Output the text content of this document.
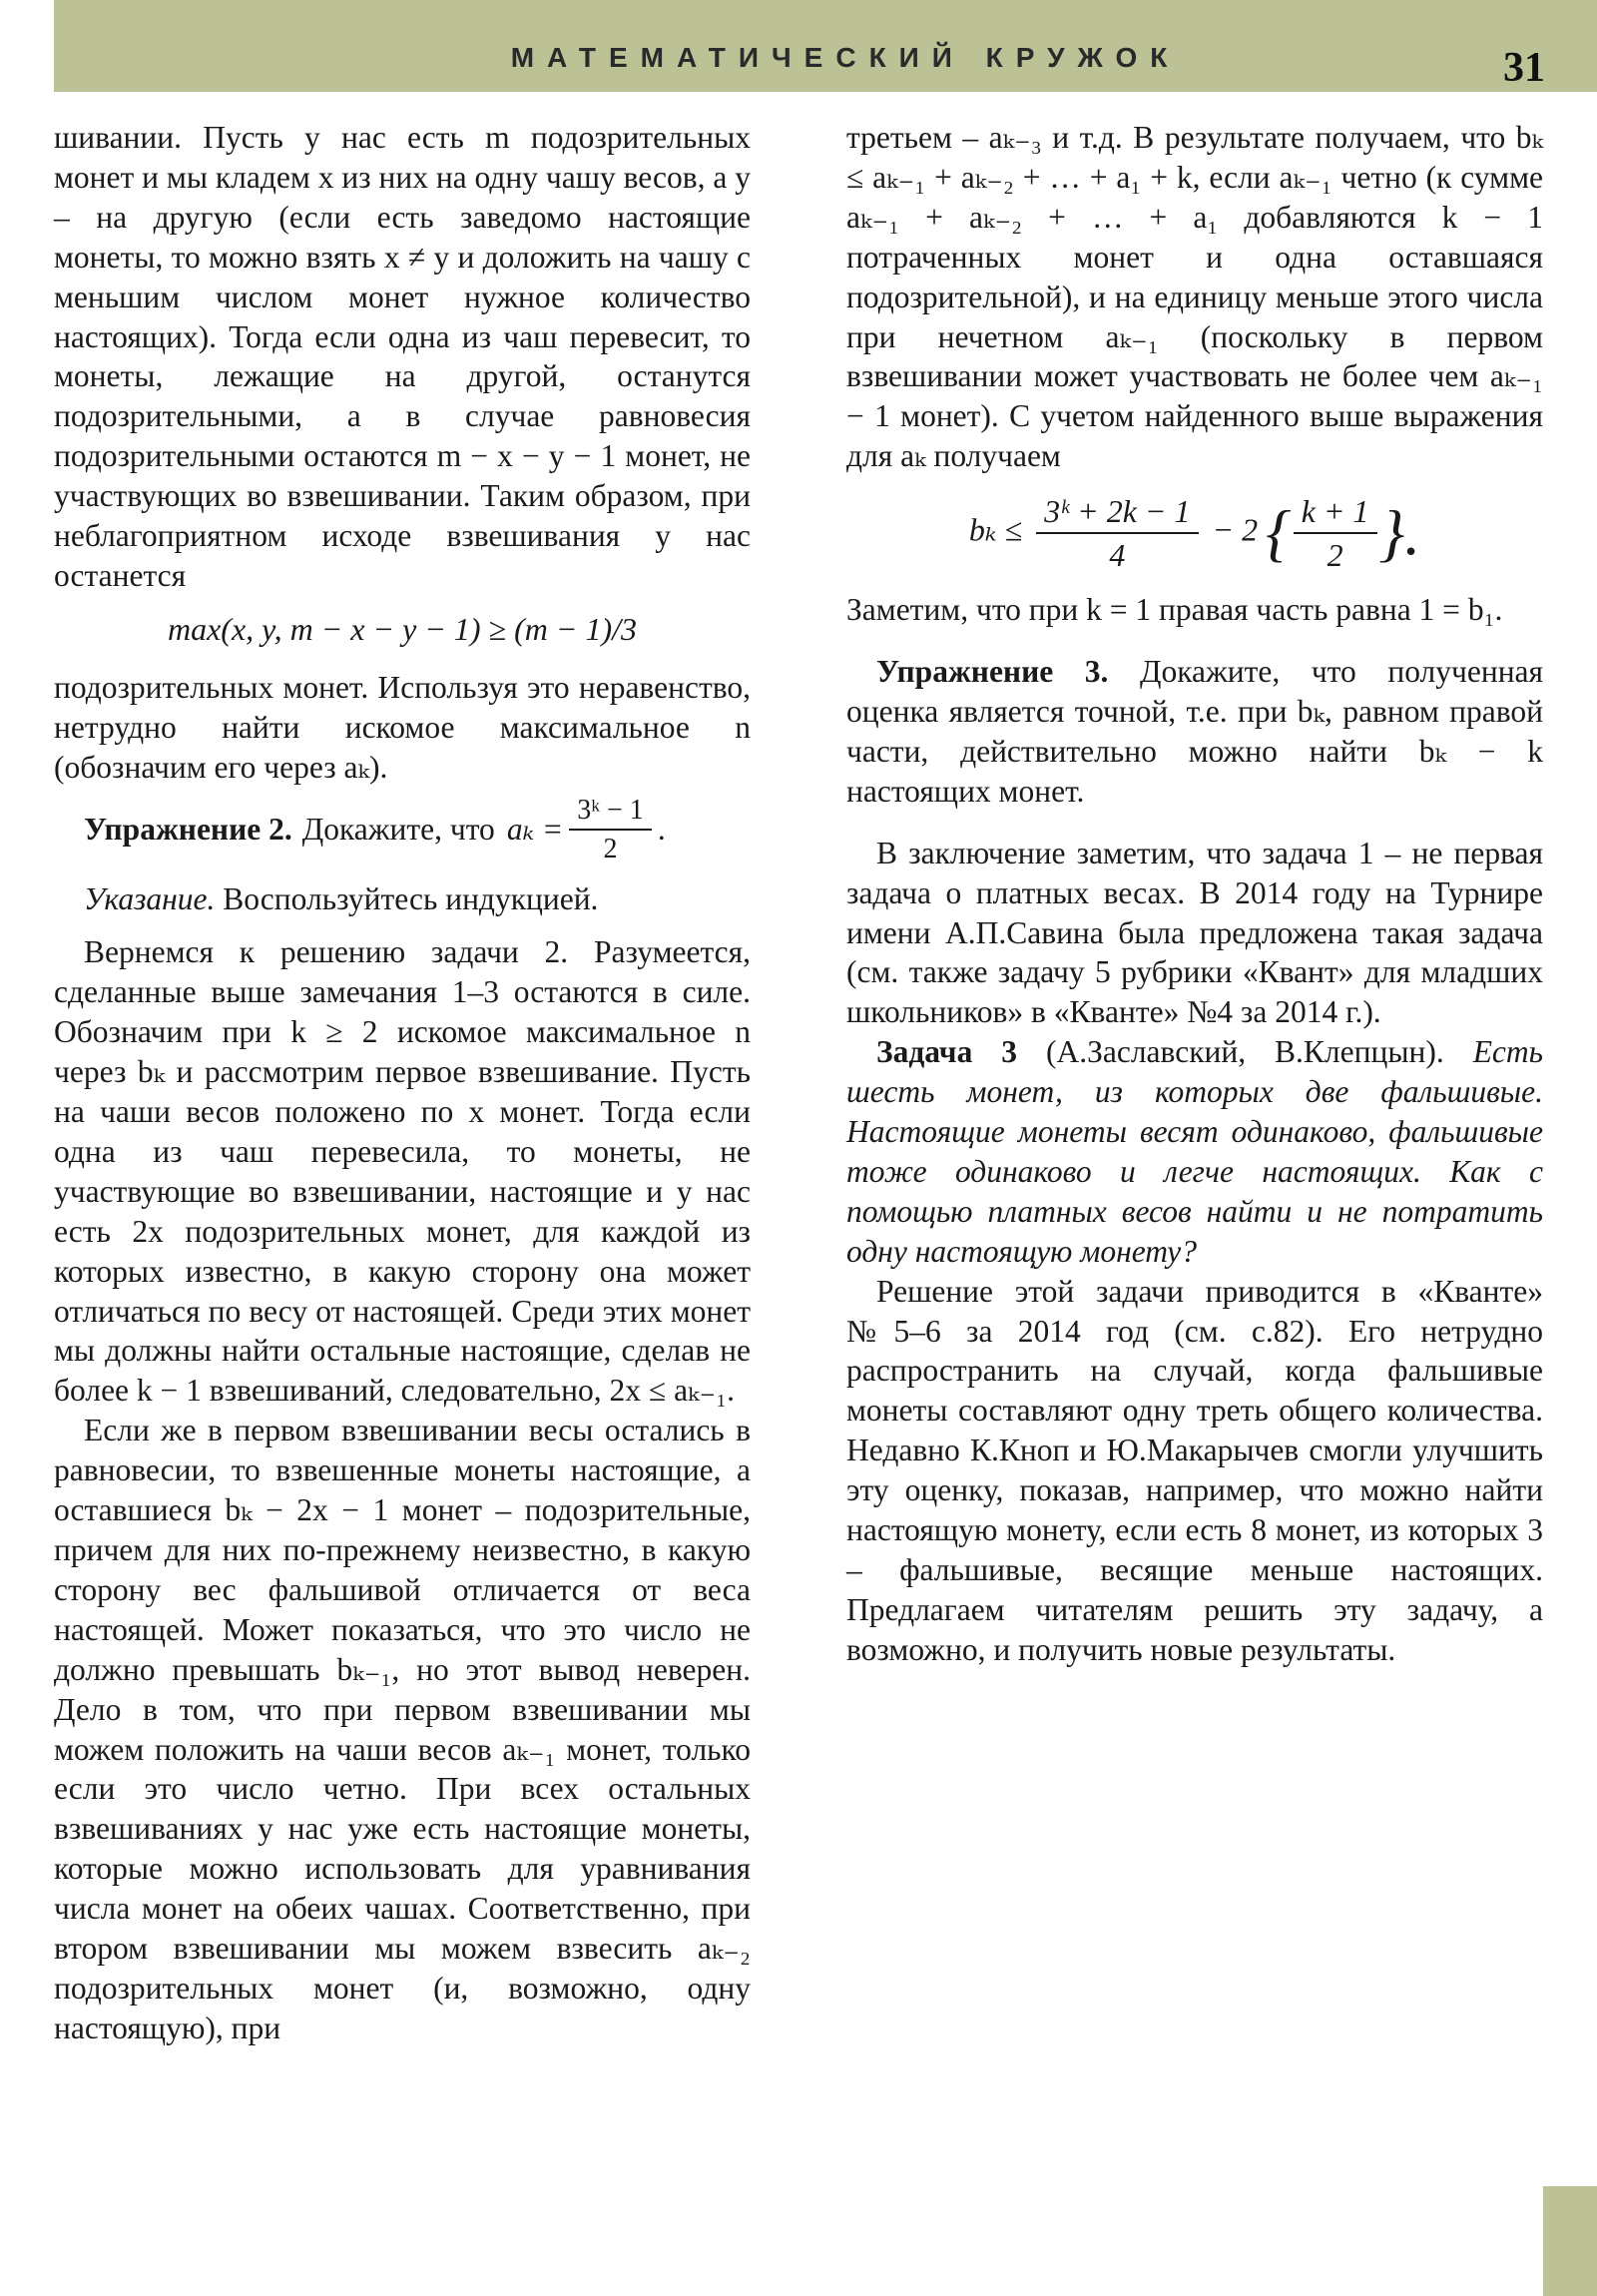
МАТЕМАТИЧЕСКИЙ КРУЖОК	31

шивании. Пусть у нас есть m подозрительных монет и мы кладем x из них на одну чашу весов, а y – на другую (если есть заведомо настоящие монеты, то можно взять x ≠ y и доложить на чашу с меньшим числом монет нужное количество настоящих). Тогда если одна из чаш перевесит, то монеты, лежащие на другой, останутся подозрительными, а в случае равновесия подозрительными остаются m − x − y − 1 монет, не участвующих во взвешивании. Таким образом, при неблагоприятном исходе взвешивания у нас останется

max(x, y, m − x − y − 1) ≥ (m − 1)/3

подозрительных монет. Используя это неравенство, нетрудно найти искомое максимальное n (обозначим его через aₖ).

Упражнение 2. Докажите, что $a_k = \frac{\text{3ᵏ − 1}}{2}$ .

Указание. Воспользуйтесь индукцией.

Вернемся к решению задачи 2. Разумеется, сделанные выше замечания 1–3 остаются в силе. Обозначим при k ≥ 2 искомое максимальное n через bₖ и рассмотрим первое взвешивание. Пусть на чаши весов положено по x монет. Тогда если одна из чаш перевесила, то монеты, не участвующие во взвешивании, настоящие и у нас есть 2x подозрительных монет, для каждой из которых известно, в какую сторону она может отличаться по весу от настоящей. Среди этих монет мы должны найти остальные настоящие, сделав не более k − 1 взвешиваний, следовательно, 2x ≤ aₖ₋₁.

Если же в первом взвешивании весы остались в равновесии, то взвешенные монеты настоящие, а оставшиеся bₖ − 2x − 1 монет – подозрительные, причем для них по-прежнему неизвестно, в какую сторону вес фальшивой отличается от веса настоящей. Может показаться, что это число не должно превышать bₖ₋₁, но этот вывод неверен. Дело в том, что при первом взвешивании мы можем положить на чаши весов aₖ₋₁ монет, только если это число четно. При всех остальных взвешиваниях у нас уже есть настоящие монеты, которые можно использовать для уравнивания числа монет на обеих чашах. Соответственно, при втором взвешивании мы можем взвесить aₖ₋₂ подозрительных монет (и, возможно, одну настоящую), при

третьем – aₖ₋₃ и т.д. В результате получаем, что bₖ ≤ aₖ₋₁ + aₖ₋₂ + … + a₁ + k, если aₖ₋₁ четно (к сумме aₖ₋₁ + aₖ₋₂ + … + a₁ добавляются k − 1 потраченных монет и одна оставшаяся подозрительной), и на единицу меньше этого числа при нечетном aₖ₋₁ (поскольку в первом взвешивании может участвовать не более чем aₖ₋₁ − 1 монет). С учетом найденного выше выражения для aₖ получаем

$b_k \le \frac{\text{3ᵏ + 2k − 1}}{4} - 2$ { $\frac{k + 1}{2}$ }.

Заметим, что при k = 1 правая часть равна 1 = b₁.

Упражнение 3. Докажите, что полученная оценка является точной, т.е. при bₖ, равном правой части, действительно можно найти bₖ − k настоящих монет.

В заключение заметим, что задача 1 – не первая задача о платных весах. В 2014 году на Турнире имени А.П.Савина была предложена такая задача (см. также задачу 5 рубрики «Квант» для младших школьников» в «Кванте» №4 за 2014 г.).

Задача 3 (А.Заславский, В.Клепцын). Есть шесть монет, из которых две фальшивые. Настоящие монеты весят одинаково, фальшивые тоже одинаково и легче настоящих. Как с помощью платных весов найти и не потратить одну настоящую монету?

Решение этой задачи приводится в «Кванте» №5–6 за 2014 год (см. с.82). Его нетрудно распространить на случай, когда фальшивые монеты составляют одну треть общего количества. Недавно К.Кноп и Ю.Макарычев смогли улучшить эту оценку, показав, например, что можно найти настоящую монету, если есть 8 монет, из которых 3 – фальшивые, весящие меньше настоящих. Предлагаем читателям решить эту задачу, а возможно, и получить новые результаты.
